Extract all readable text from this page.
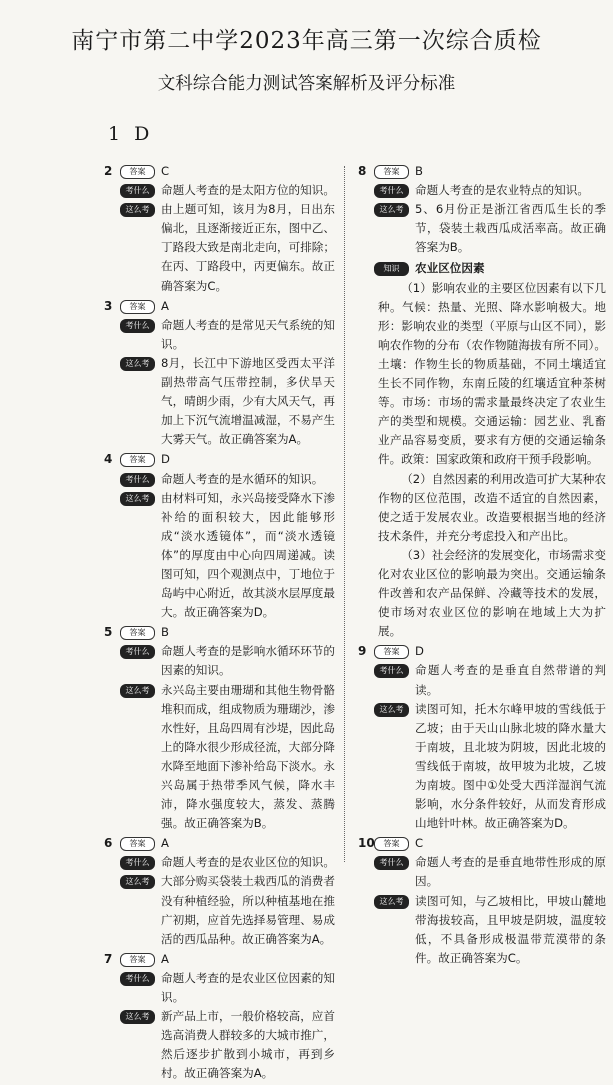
南宁市第二中学2023年高三第一次综合质检
文科综合能力测试答案解析及评分标准
1D
2	答案	C
考什么 命题人考查的是太阳方位的知识。
这么考 由上题可知，该月为8月，日出东偏北，且逐渐接近正东，图中乙、丁路段大致是南北走向，可排除；在丙、丁路段中，丙更偏东。故正确答案为C。
3	答案	A
考什么 命题人考查的是常见天气系统的知识。
这么考 8月，长江中下游地区受西太平洋副热带高气压带控制，多伏旱天气，晴朗少雨，少有大风天气，再加上下沉气流增温减湿，不易产生大雾天气。故正确答案为A。
4	答案	D
考什么 命题人考查的是水循环的知识。
这么考 由材料可知，永兴岛接受降水下渗补给的面积较大，因此能够形成“淡水透镜体”，而“淡水透镜体”的厚度由中心向四周递减。读图可知，四个观测点中，丁地位于岛屿中心附近，故其淡水层厚度最大。故正确答案为D。
5	答案	B
考什么 命题人考查的是影响水循环环节的因素的知识。
这么考 永兴岛主要由珊瑚和其他生物骨骼堆积而成，组成物质为珊瑚沙，渗水性好，且岛四周有沙堤，因此岛上的降水很少形成径流，大部分降水降至地面下渗补给岛下淡水。永兴岛属于热带季风气候，降水丰沛，降水强度较大，蒸发、蒸腾强。故正确答案为B。
6	答案	A
考什么 命题人考查的是农业区位的知识。
这么考 大部分购买袋装土栽西瓜的消费者没有种植经验，所以种植基地在推广初期，应首先选择易管理、易成活的西瓜品种。故正确答案为A。
7	答案	A
考什么 命题人考查的是农业区位因素的知识。
这么考 新产品上市，一般价格较高，应首选高消费人群较多的大城市推广，然后逐步扩散到小城市，再到乡村。故正确答案为A。
8	答案	B
考什么 命题人考查的是农业特点的知识。
这么考 5、6月份正是浙江省西瓜生长的季节，袋装土栽西瓜成活率高。故正确答案为B。
知识	农业区位因素
（1）影响农业的主要区位因素有以下几种。气候：热量、光照、降水影响极大。地形：影响农业的类型（平原与山区不同），影响农作物的分布（农作物随海拔有所不同）。土壤：作物生长的物质基础，不同土壤适宜生长不同作物，东南丘陵的红壤适宜种茶树等。市场：市场的需求量最终决定了农业生产的类型和规模。交通运输：园艺业、乳畜业产品容易变质，要求有方便的交通运输条件。政策：国家政策和政府干预手段影响。
（2）自然因素的利用改造可扩大某种农作物的区位范围，改造不适宜的自然因素，使之适于发展农业。改造要根据当地的经济技术条件，并充分考虑投入和产出比。
（3）社会经济的发展变化，市场需求变化对农业区位的影响最为突出。交通运输条件改善和农产品保鲜、冷藏等技术的发展，使市场对农业区位的影响在地域上大为扩展。
9	答案	D
考什么 命题人考查的是垂直自然带谱的判读。
这么考 读图可知，托木尔峰甲坡的雪线低于乙坡；由于天山山脉北坡的降水量大于南坡，且北坡为阴坡，因此北坡的雪线低于南坡，故甲坡为北坡，乙坡为南坡。图中①处受大西洋湿润气流影响，水分条件较好，从而发育形成山地针叶林。故正确答案为D。
10	答案	C
考什么 命题人考查的是垂直地带性形成的原因。
这么考 读图可知，与乙坡相比，甲坡山麓地带海拔较高，且甲坡是阴坡，温度较低，不具备形成极温带荒漠带的条件。故正确答案为C。
